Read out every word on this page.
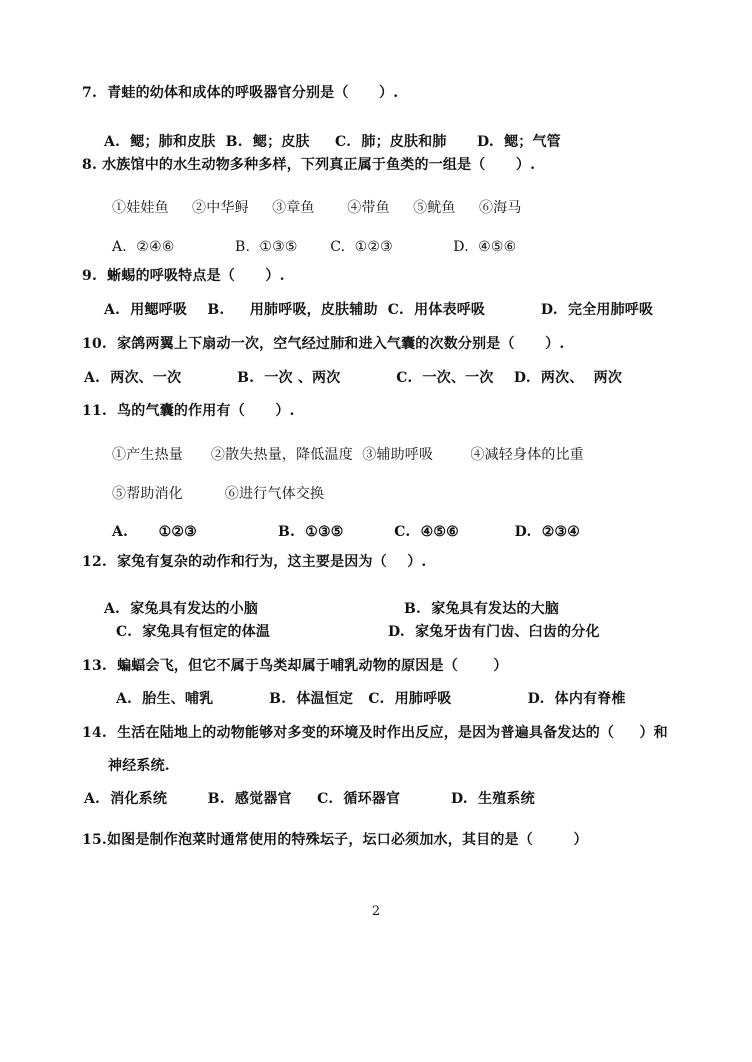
7.  青蛙的幼体和成体的呼吸器官分别是（      ）.
A.  鳃；肺和皮肤  B.  鳃；皮肤     C.  肺；皮肤和肺      D.  鳃；气管
8. 水族馆中的水生动物多种多样，下列真正属于鱼类的一组是（      ）.
①娃娃鱼     ②中华鲟     ③章鱼       ④带鱼     ⑤鱿鱼     ⑥海马
A.  ②④⑥             B.  ①③⑤       C.  ①②③             D.  ④⑤⑥
9.  蜥蜴的呼吸特点是（      ）.
A.  用鳃呼吸    B.     用肺呼吸，皮肤辅助  C.  用体表呼吸           D.  完全用肺呼吸
10.  家鸽两翼上下扇动一次，空气经过肺和进入气囊的次数分别是（      ）.
A.  两次、一次           B.  一次 、两次           C.  一次、一次    D.  两次、  两次
11.  鸟的气囊的作用有（      ）.
①产生热量      ②散失热量，降低温度  ③辅助呼吸        ④减轻身体的比重
⑤帮助消化         ⑥进行气体交换
A.      ①②③                B.  ①③⑤          C.  ④⑤⑥           D.  ②③④
12.  家兔有复杂的动作和行为，这主要是因为（    ）.
A.  家兔具有发达的小脑	B.  家兔具有发达的大脑
C.  家兔具有恒定的体温	D.  家兔牙齿有门齿、臼齿的分化
13.  蝙蝠会飞，但它不属于鸟类却属于哺乳动物的原因是（       ）
A.  胎生、哺乳           B.  体温恒定   C.  用肺呼吸               D.  体内有脊椎
14.  生活在陆地上的动物能够对多变的环境及时作出反应，是因为普遍具备发达的（     ）和
神经系统.
A.  消化系统        B.  感觉器官     C.  循环器官          D.  生殖系统
15.如图是制作泡菜时通常使用的特殊坛子，坛口必须加水，其目的是（        ）
2
